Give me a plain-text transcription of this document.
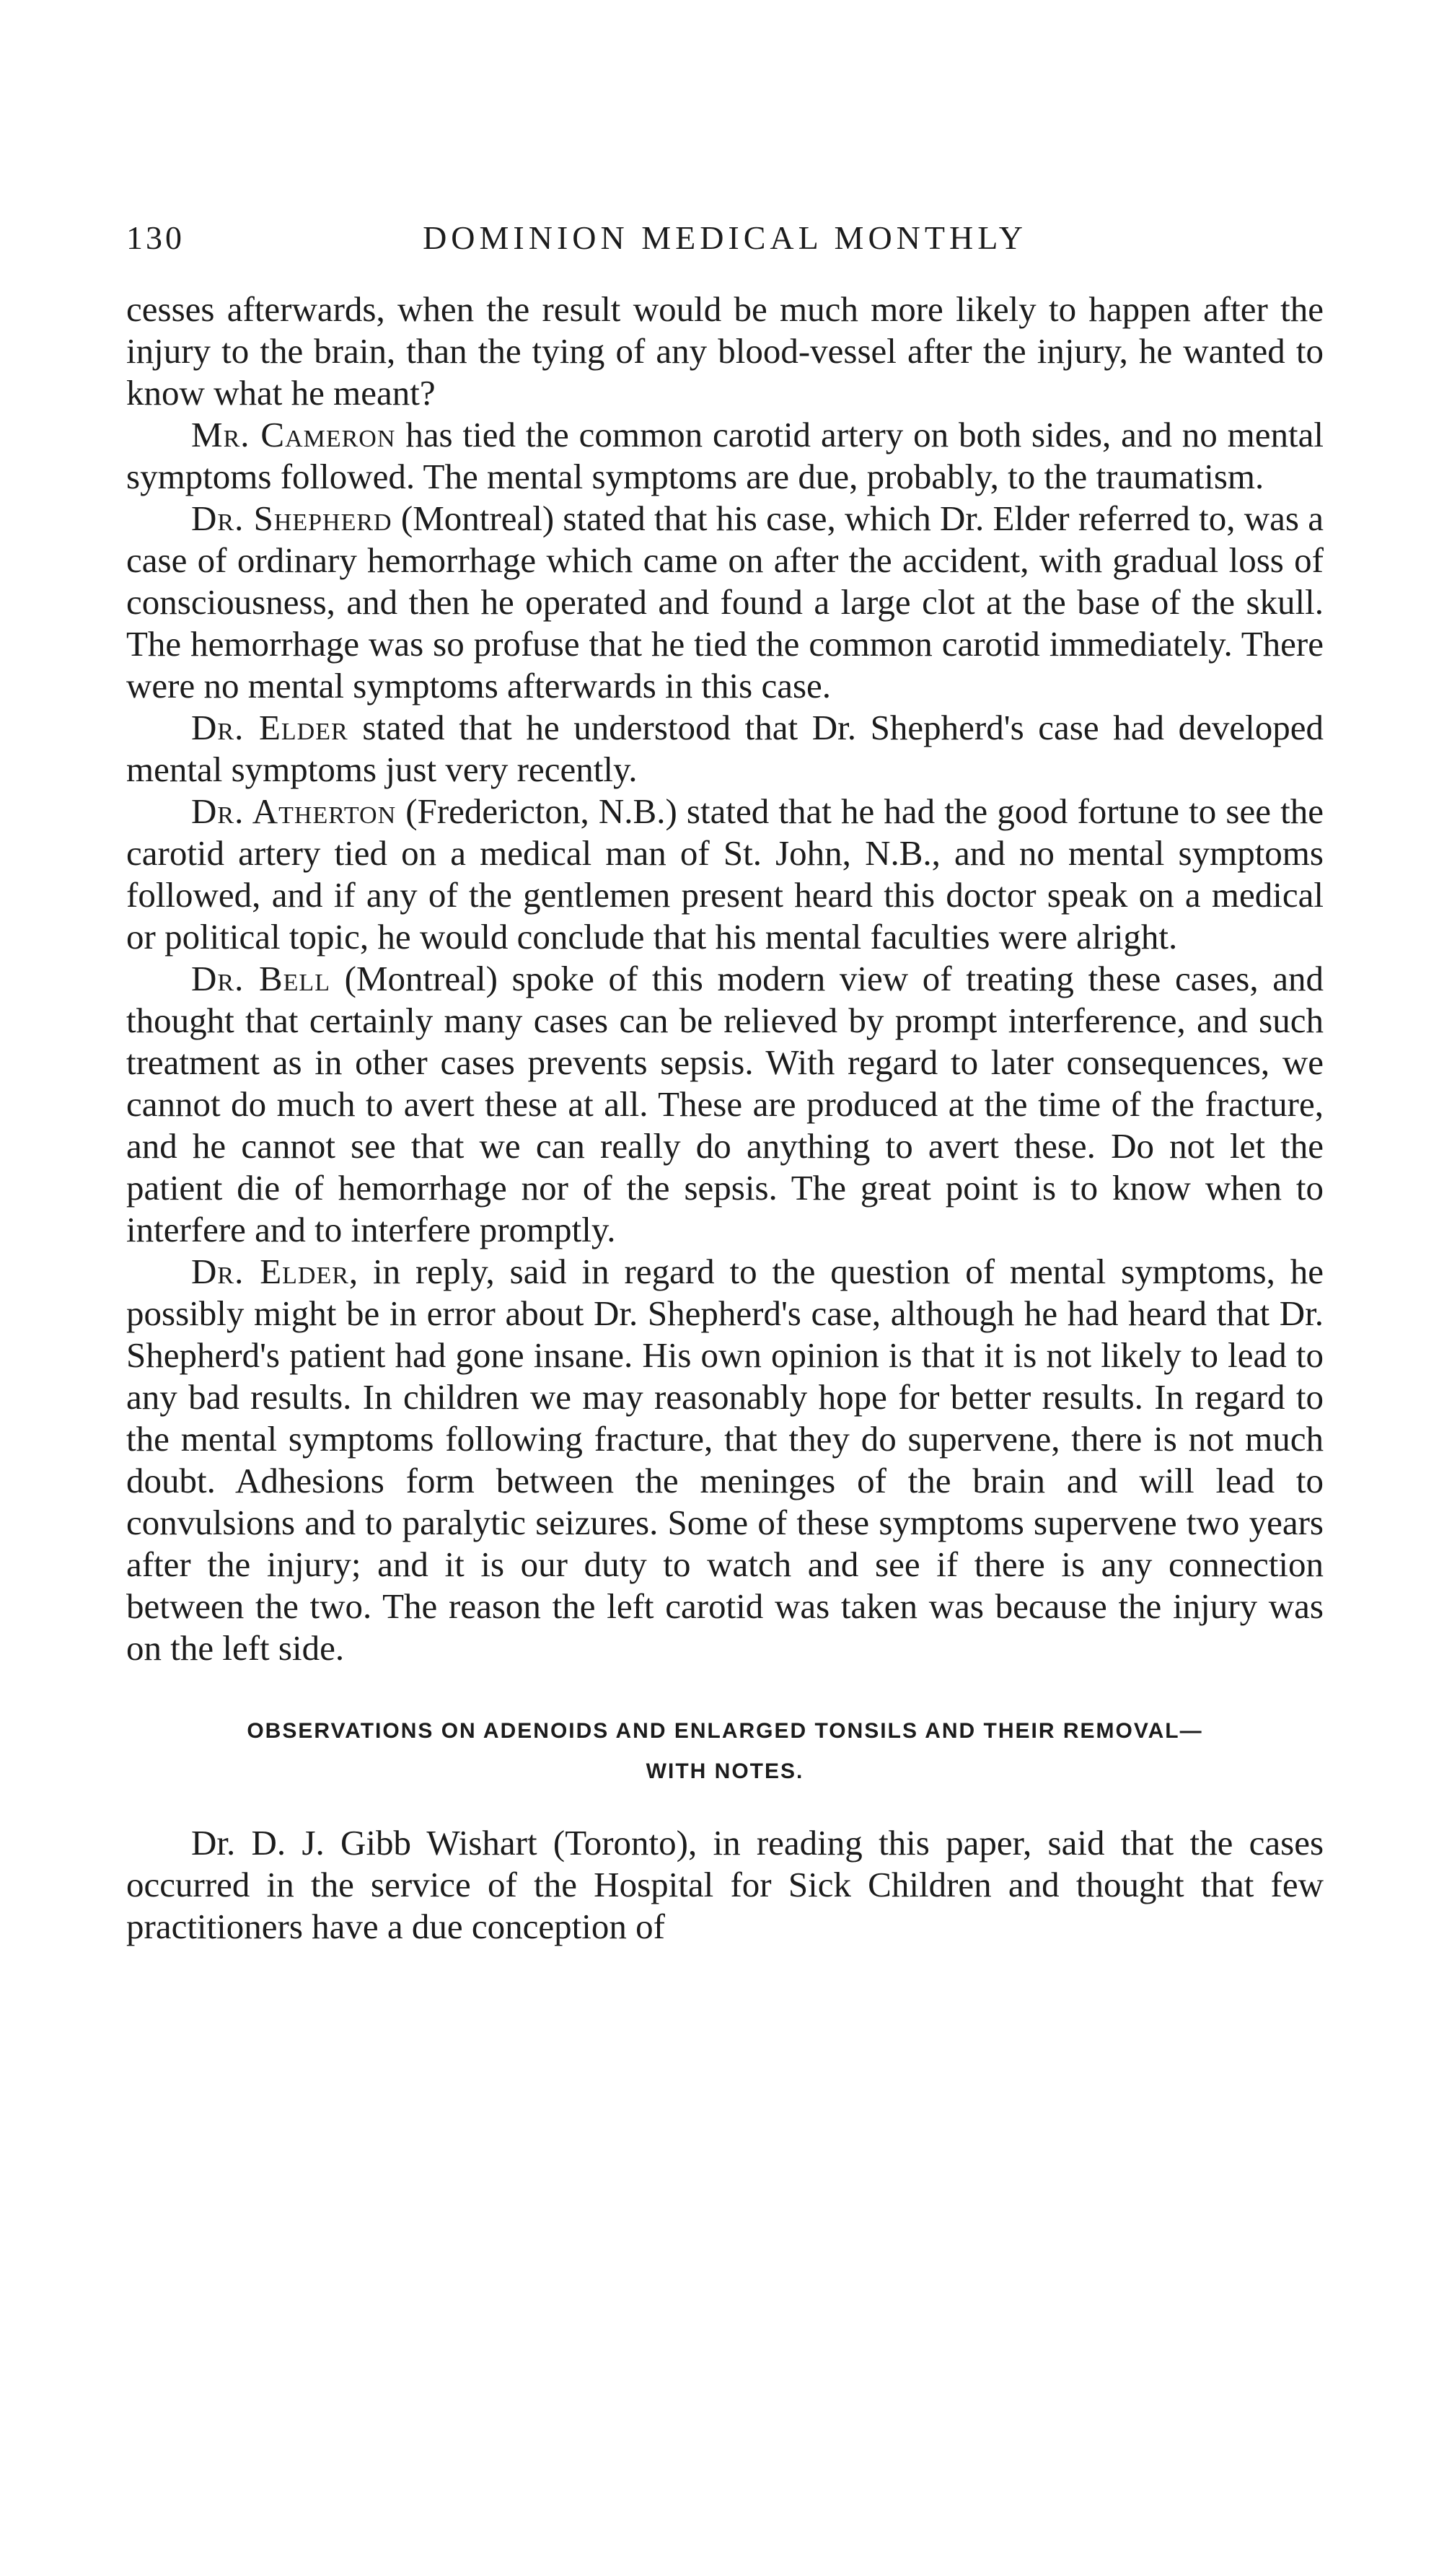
130	DOMINION MEDICAL MONTHLY

cesses afterwards, when the result would be much more likely to happen after the injury to the brain, than the tying of any blood-vessel after the injury, he wanted to know what he meant?

Mr. Cameron has tied the common carotid artery on both sides, and no mental symptoms followed. The mental symptoms are due, probably, to the traumatism.

Dr. Shepherd (Montreal) stated that his case, which Dr. Elder referred to, was a case of ordinary hemorrhage which came on after the accident, with gradual loss of consciousness, and then he operated and found a large clot at the base of the skull. The hemorrhage was so profuse that he tied the common carotid immediately. There were no mental symptoms afterwards in this case.

Dr. Elder stated that he understood that Dr. Shepherd's case had developed mental symptoms just very recently.

Dr. Atherton (Fredericton, N.B.) stated that he had the good fortune to see the carotid artery tied on a medical man of St. John, N.B., and no mental symptoms followed, and if any of the gentlemen present heard this doctor speak on a medical or political topic, he would conclude that his mental faculties were alright.

Dr. Bell (Montreal) spoke of this modern view of treating these cases, and thought that certainly many cases can be relieved by prompt interference, and such treatment as in other cases prevents sepsis. With regard to later consequences, we cannot do much to avert these at all. These are produced at the time of the fracture, and he cannot see that we can really do anything to avert these. Do not let the patient die of hemorrhage nor of the sepsis. The great point is to know when to interfere and to interfere promptly.

Dr. Elder, in reply, said in regard to the question of mental symptoms, he possibly might be in error about Dr. Shepherd's case, although he had heard that Dr. Shepherd's patient had gone insane. His own opinion is that it is not likely to lead to any bad results. In children we may reasonably hope for better results. In regard to the mental symptoms following fracture, that they do supervene, there is not much doubt. Adhesions form between the meninges of the brain and will lead to convulsions and to paralytic seizures. Some of these symptoms supervene two years after the injury; and it is our duty to watch and see if there is any connection between the two. The reason the left carotid was taken was because the injury was on the left side.

OBSERVATIONS ON ADENOIDS AND ENLARGED TONSILS AND THEIR REMOVAL—
WITH NOTES.

Dr. D. J. Gibb Wishart (Toronto), in reading this paper, said that the cases occurred in the service of the Hospital for Sick Children and thought that few practitioners have a due conception of
